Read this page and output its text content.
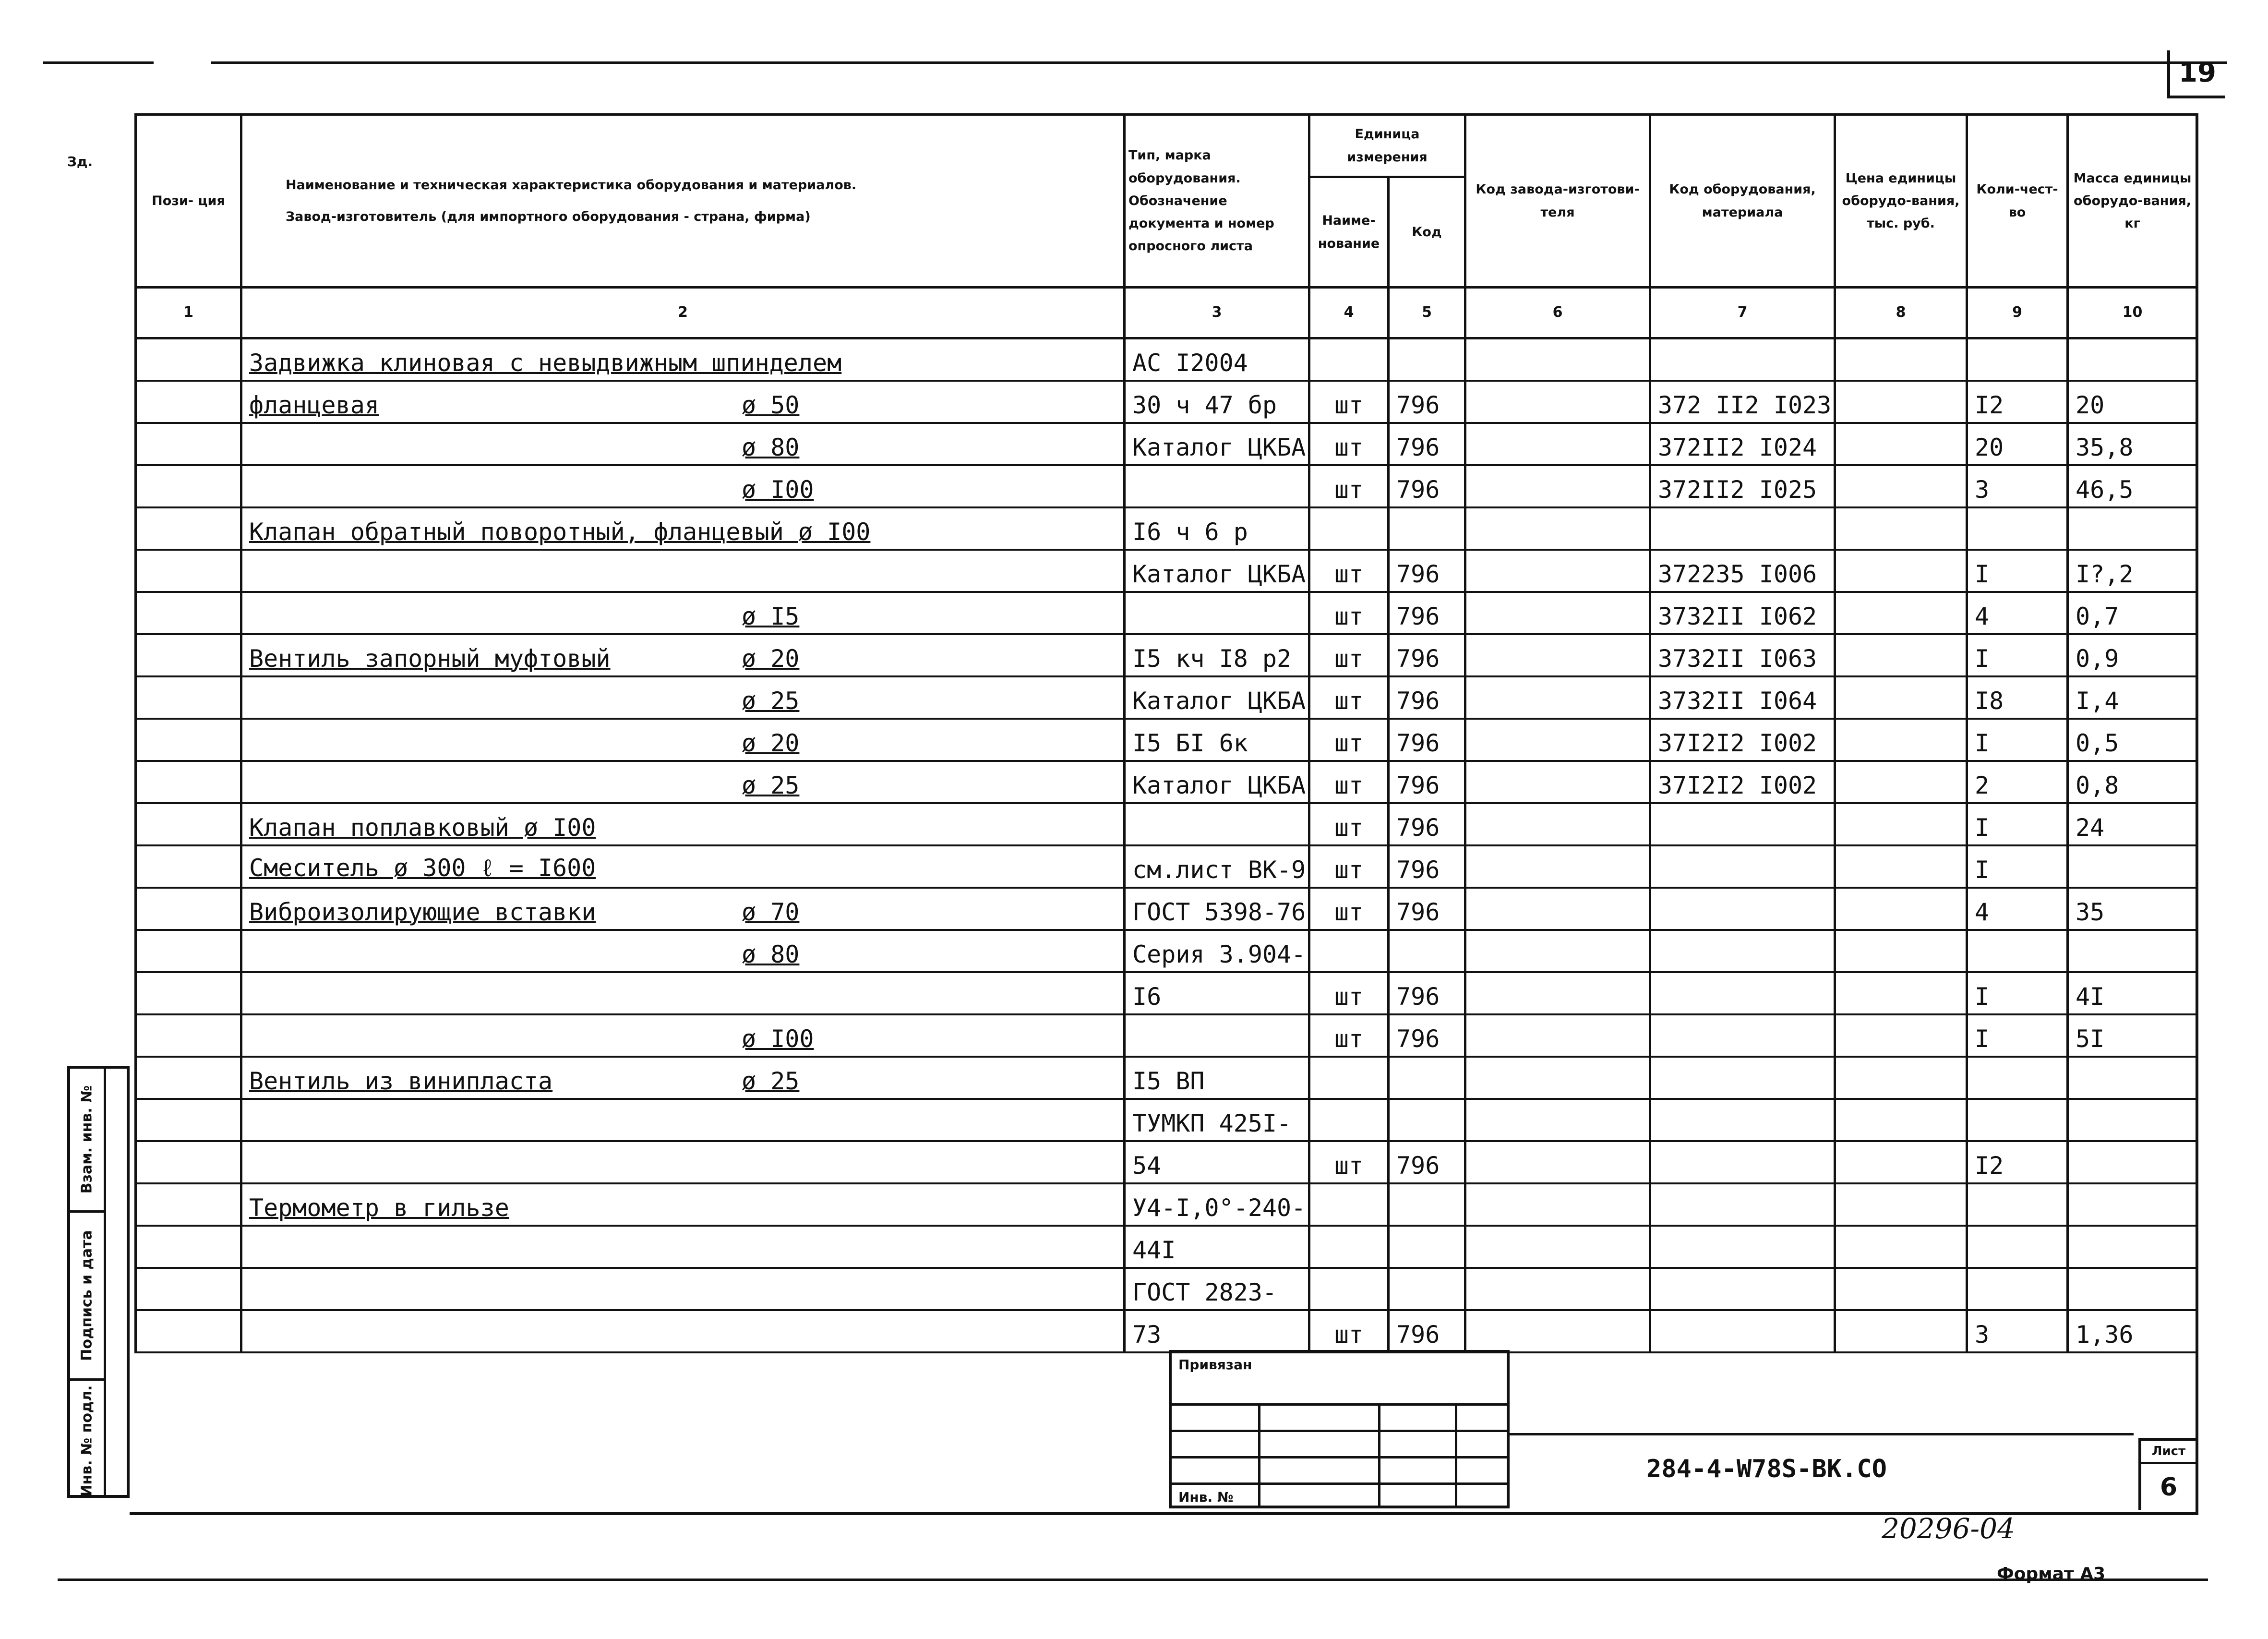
19
Зд.
Пози- ция	Наименование и техническая характеристика оборудования и материалов.
Завод-изготовитель (для импортного оборудования - страна, фирма)	Тип, марка оборудования. Обозначение документа и номер опросного листа	Единица измерения		Код завода-изготови-теля	Код оборудования, материала	Цена единицы оборудо-вания, тыс. руб.	Коли-чест-во	Масса единицы оборудо-вания, кг
			Наиме-нование	Код					
1	2	3	4	5	6	7	8	9	10
	Задвижка клиновая с невыдвижным шпинделем	АС I2004							
	фланцевая ø 50	30 ч 47 бр	шт	796		372 II2 I023		I2	20

	ø 80	Каталог ЦКБА	шт	796		372II2 I024		20	35,8

	ø I00		шт	796		372II2 I025		3	46,5
	Клапан обратный поворотный, фланцевый ø I00	I6 ч 6 р							

	Каталог ЦКБА	шт	796		372235 I006		I	I?,2

	ø I5		шт	796		3732II I062		4	0,7
	Вентиль запорный муфтовый ø 20	I5 кч I8 р2	шт	796		3732II I063		I	0,9

	ø 25	Каталог ЦКБА	шт	796		3732II I064		I8	I,4

	ø 20	I5 БI 6к	шт	796		37I2I2 I002		I	0,5

	ø 25	Каталог ЦКБА	шт	796		37I2I2 I002		2	0,8
	Клапан поплавковый ø I00		шт	796				I	24
	Смеситель ø 300 ℓ = I600	см.лист ВК-9	шт	796				I	
	Виброизолирующие вставки ø 70	ГОСТ 5398-76	шт	796				4	35

	ø 80	Серия 3.904-							

	I6	шт	796				I	4I

	ø I00		шт	796				I	5I
	Вентиль из винипласта ø 25	I5 ВП							

	ТУМКП 425I-							

	54	шт	796				I2	
	Термометр в гильзе	У4-I,0°-240-							

	44I							

	ГОСТ 2823-							

	73	шт	796				3	1,36
Взам. инв. №
Подпись и дата
Инв. № подл.
Привязан
Инв. №
284-4-W78S-ВК.СО
Лист
6
20296-04
Формат А3
